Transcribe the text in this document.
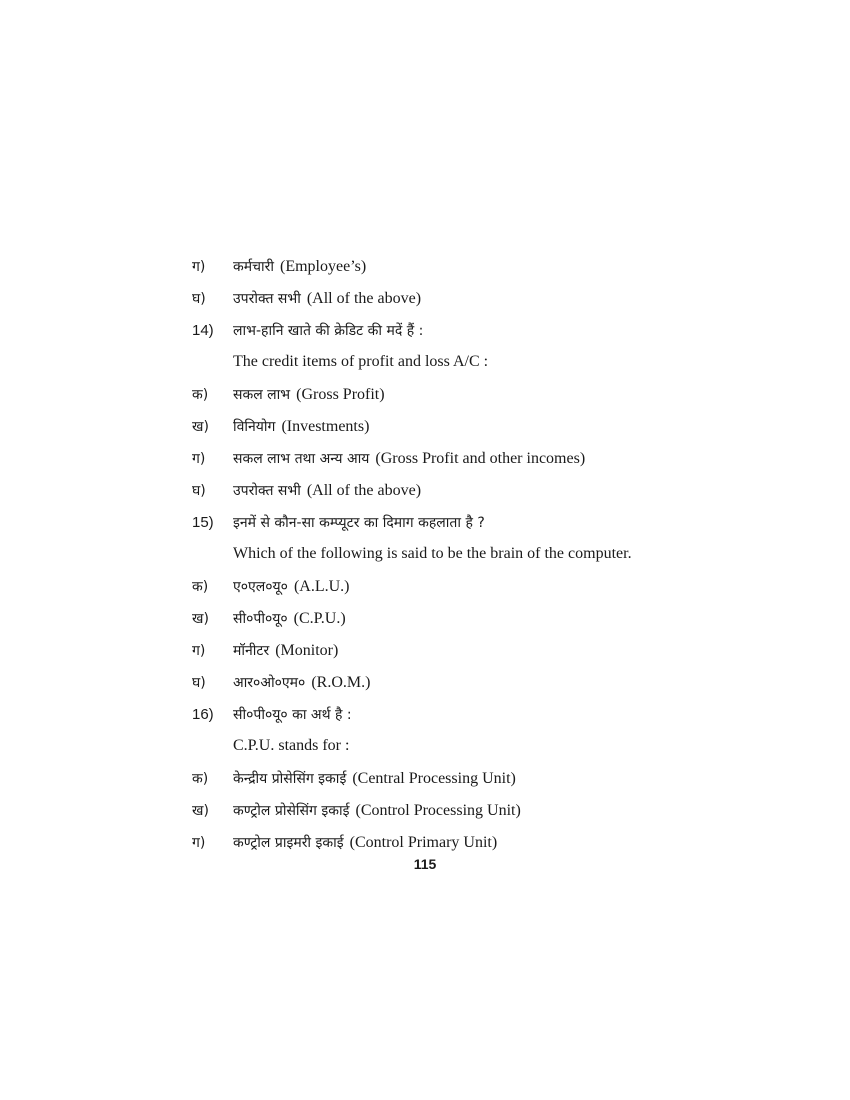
ग)	कर्मचारी (Employee’s)
घ)	उपरोक्त सभी (All of the above)
14)	लाभ-हानि खाते की क्रेडिट की मदें हैं :
The credit items of profit and loss A/C :
क)	सकल लाभ (Gross Profit)
ख)	विनियोग (Investments)
ग)	सकल लाभ तथा अन्य आय (Gross Profit and other incomes)
घ)	उपरोक्त सभी (All of the above)
15)	इनमें से कौन-सा कम्प्यूटर का दिमाग कहलाता है ?
Which of the following is said to be the brain of the computer.
क)	ए०एल०यू० (A.L.U.)
ख)	सी०पी०यू० (C.P.U.)
ग)	मॉनीटर (Monitor)
घ)	आर०ओ०एम० (R.O.M.)
16)	सी०पी०यू० का अर्थ है :
C.P.U. stands for :
क)	केन्द्रीय प्रोसेसिंग इकाई (Central Processing Unit)
ख)	कण्ट्रोल प्रोसेसिंग इकाई (Control Processing Unit)
ग)	कण्ट्रोल प्राइमरी इकाई (Control Primary Unit)
115
